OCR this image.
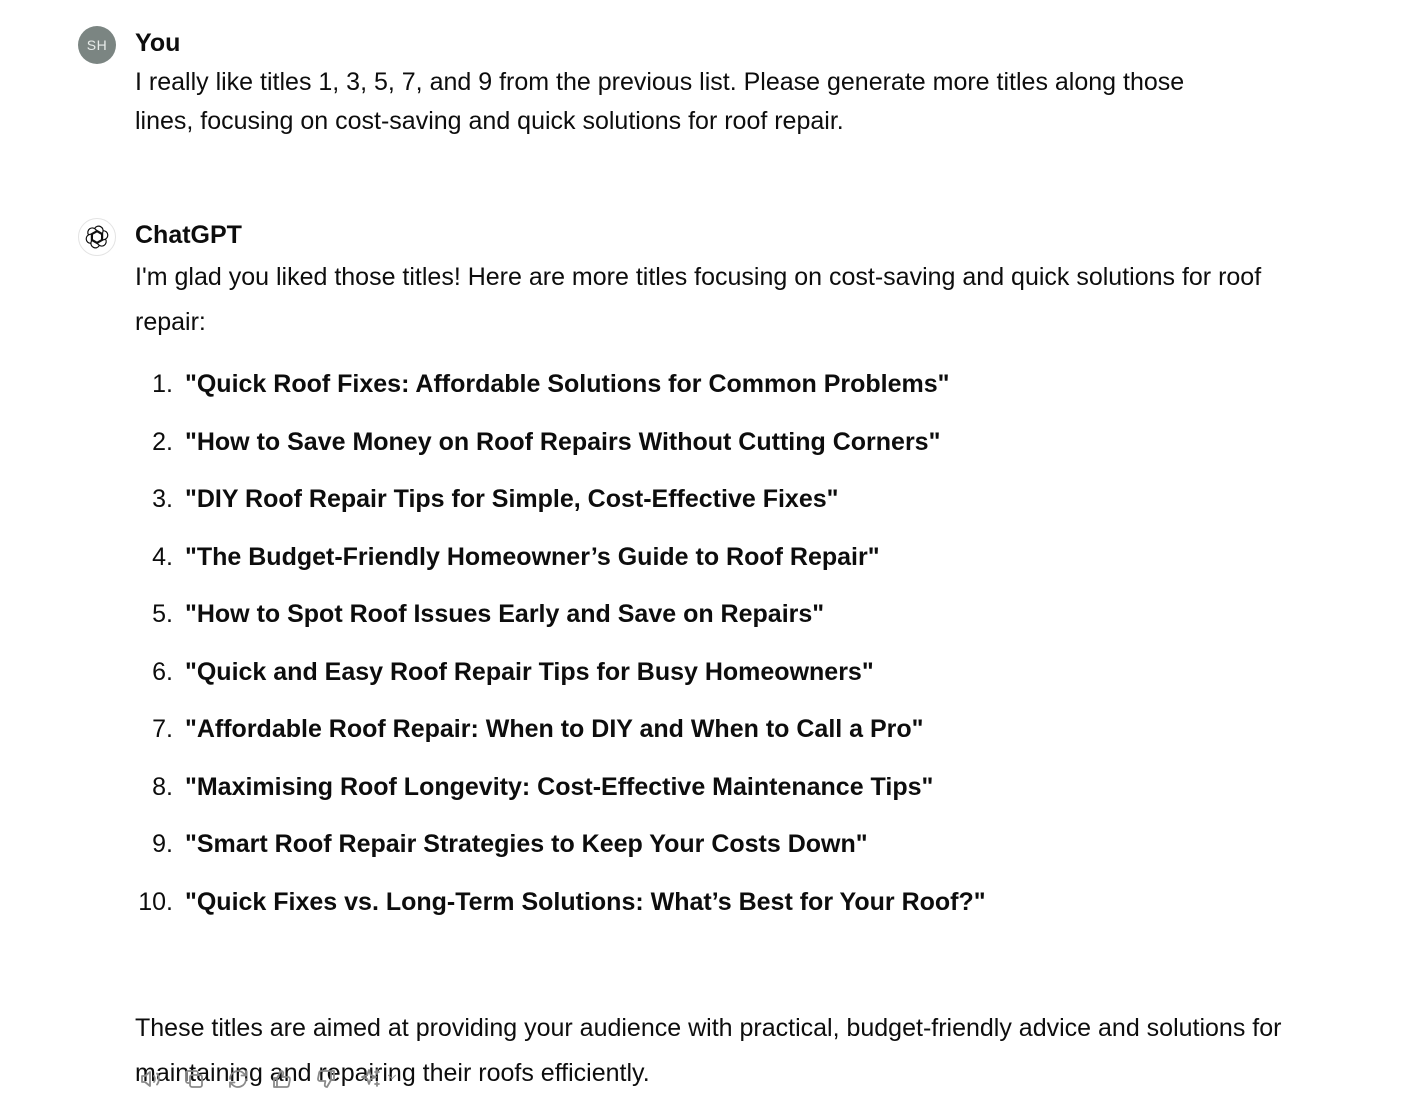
SH You
I really like titles 1, 3, 5, 7, and 9 from the previous list. Please generate more titles along those lines, focusing on cost-saving and quick solutions for roof repair.
ChatGPT

I'm glad you liked those titles! Here are more titles focusing on cost-saving and quick solutions for roof repair:

1. "Quick Roof Fixes: Affordable Solutions for Common Problems"
2. "How to Save Money on Roof Repairs Without Cutting Corners"
3. "DIY Roof Repair Tips for Simple, Cost-Effective Fixes"
4. "The Budget-Friendly Homeowner’s Guide to Roof Repair"
5. "How to Spot Roof Issues Early and Save on Repairs"
6. "Quick and Easy Roof Repair Tips for Busy Homeowners"
7. "Affordable Roof Repair: When to DIY and When to Call a Pro"
8. "Maximising Roof Longevity: Cost-Effective Maintenance Tips"
9. "Smart Roof Repair Strategies to Keep Your Costs Down"
10. "Quick Fixes vs. Long-Term Solutions: What’s Best for Your Roof?"

These titles are aimed at providing your audience with practical, budget-friendly advice and solutions for maintaining and repairing their roofs efficiently.
